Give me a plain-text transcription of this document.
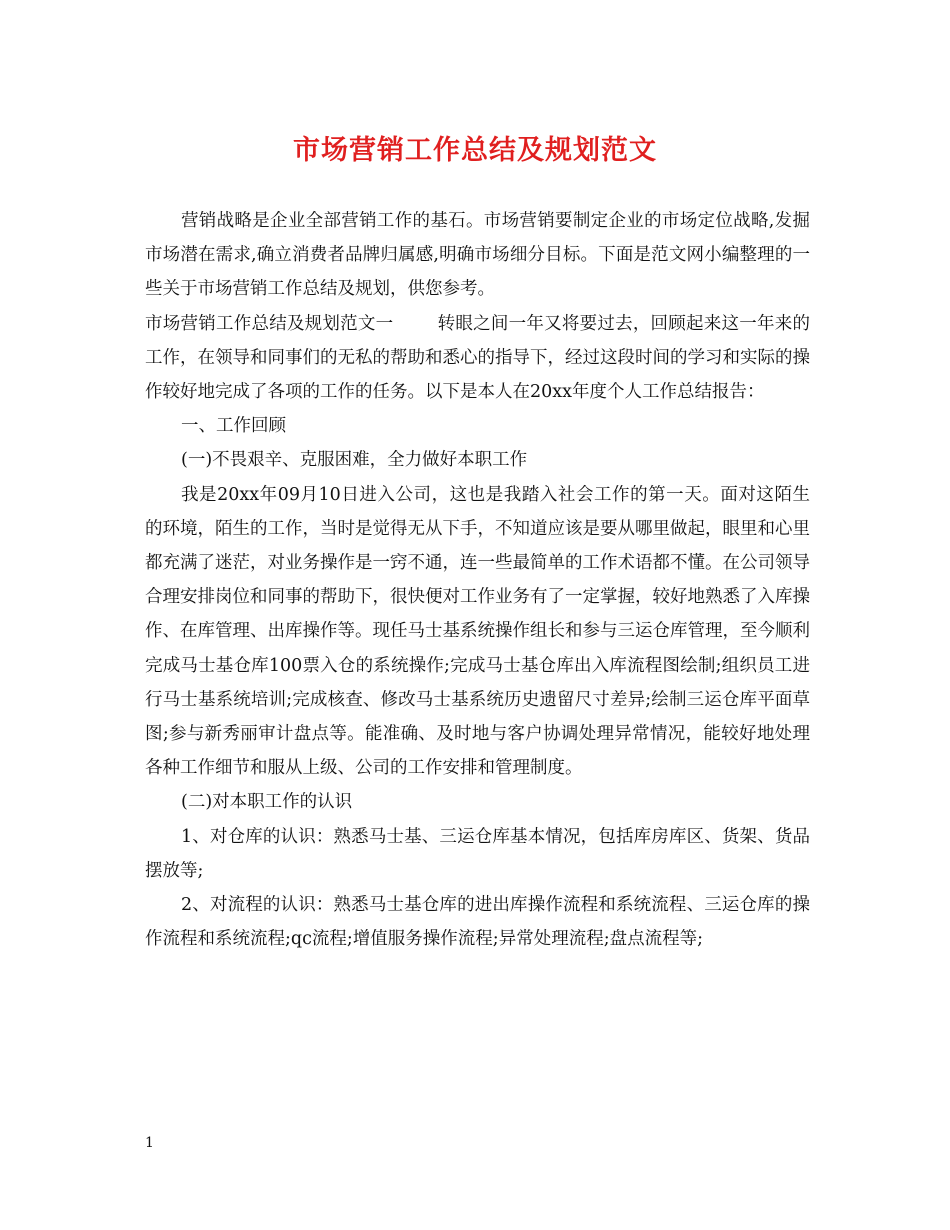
市场营销工作总结及规划范文

营销战略是企业全部营销工作的基石。市场营销要制定企业的市场定位战略,发掘市场潜在需求,确立消费者品牌归属感,明确市场细分目标。下面是范文网小编整理的一些关于市场营销工作总结及规划，供您参考。

市场营销工作总结及规划范文一	转眼之间一年又将要过去，回顾起来这一年来的工作，在领导和同事们的无私的帮助和悉心的指导下，经过这段时间的学习和实际的操作较好地完成了各项的工作的任务。以下是本人在20xx年度个人工作总结报告：

一、工作回顾

(一)不畏艰辛、克服困难，全力做好本职工作

我是20xx年09月10日进入公司，这也是我踏入社会工作的第一天。面对这陌生的环境，陌生的工作，当时是觉得无从下手，不知道应该是要从哪里做起，眼里和心里都充满了迷茫，对业务操作是一窍不通，连一些最简单的工作术语都不懂。在公司领导合理安排岗位和同事的帮助下，很快便对工作业务有了一定掌握，较好地熟悉了入库操作、在库管理、出库操作等。现任马士基系统操作组长和参与三运仓库管理，至今顺利完成马士基仓库100票入仓的系统操作;完成马士基仓库出入库流程图绘制;组织员工进行马士基系统培训;完成核查、修改马士基系统历史遗留尺寸差异;绘制三运仓库平面草图;参与新秀丽审计盘点等。能准确、及时地与客户协调处理异常情况，能较好地处理各种工作细节和服从上级、公司的工作安排和管理制度。

(二)对本职工作的认识

1、对仓库的认识：熟悉马士基、三运仓库基本情况，包括库房库区、货架、货品摆放等;

2、对流程的认识：熟悉马士基仓库的进出库操作流程和系统流程、三运仓库的操作流程和系统流程;qc流程;增值服务操作流程;异常处理流程;盘点流程等;

1
